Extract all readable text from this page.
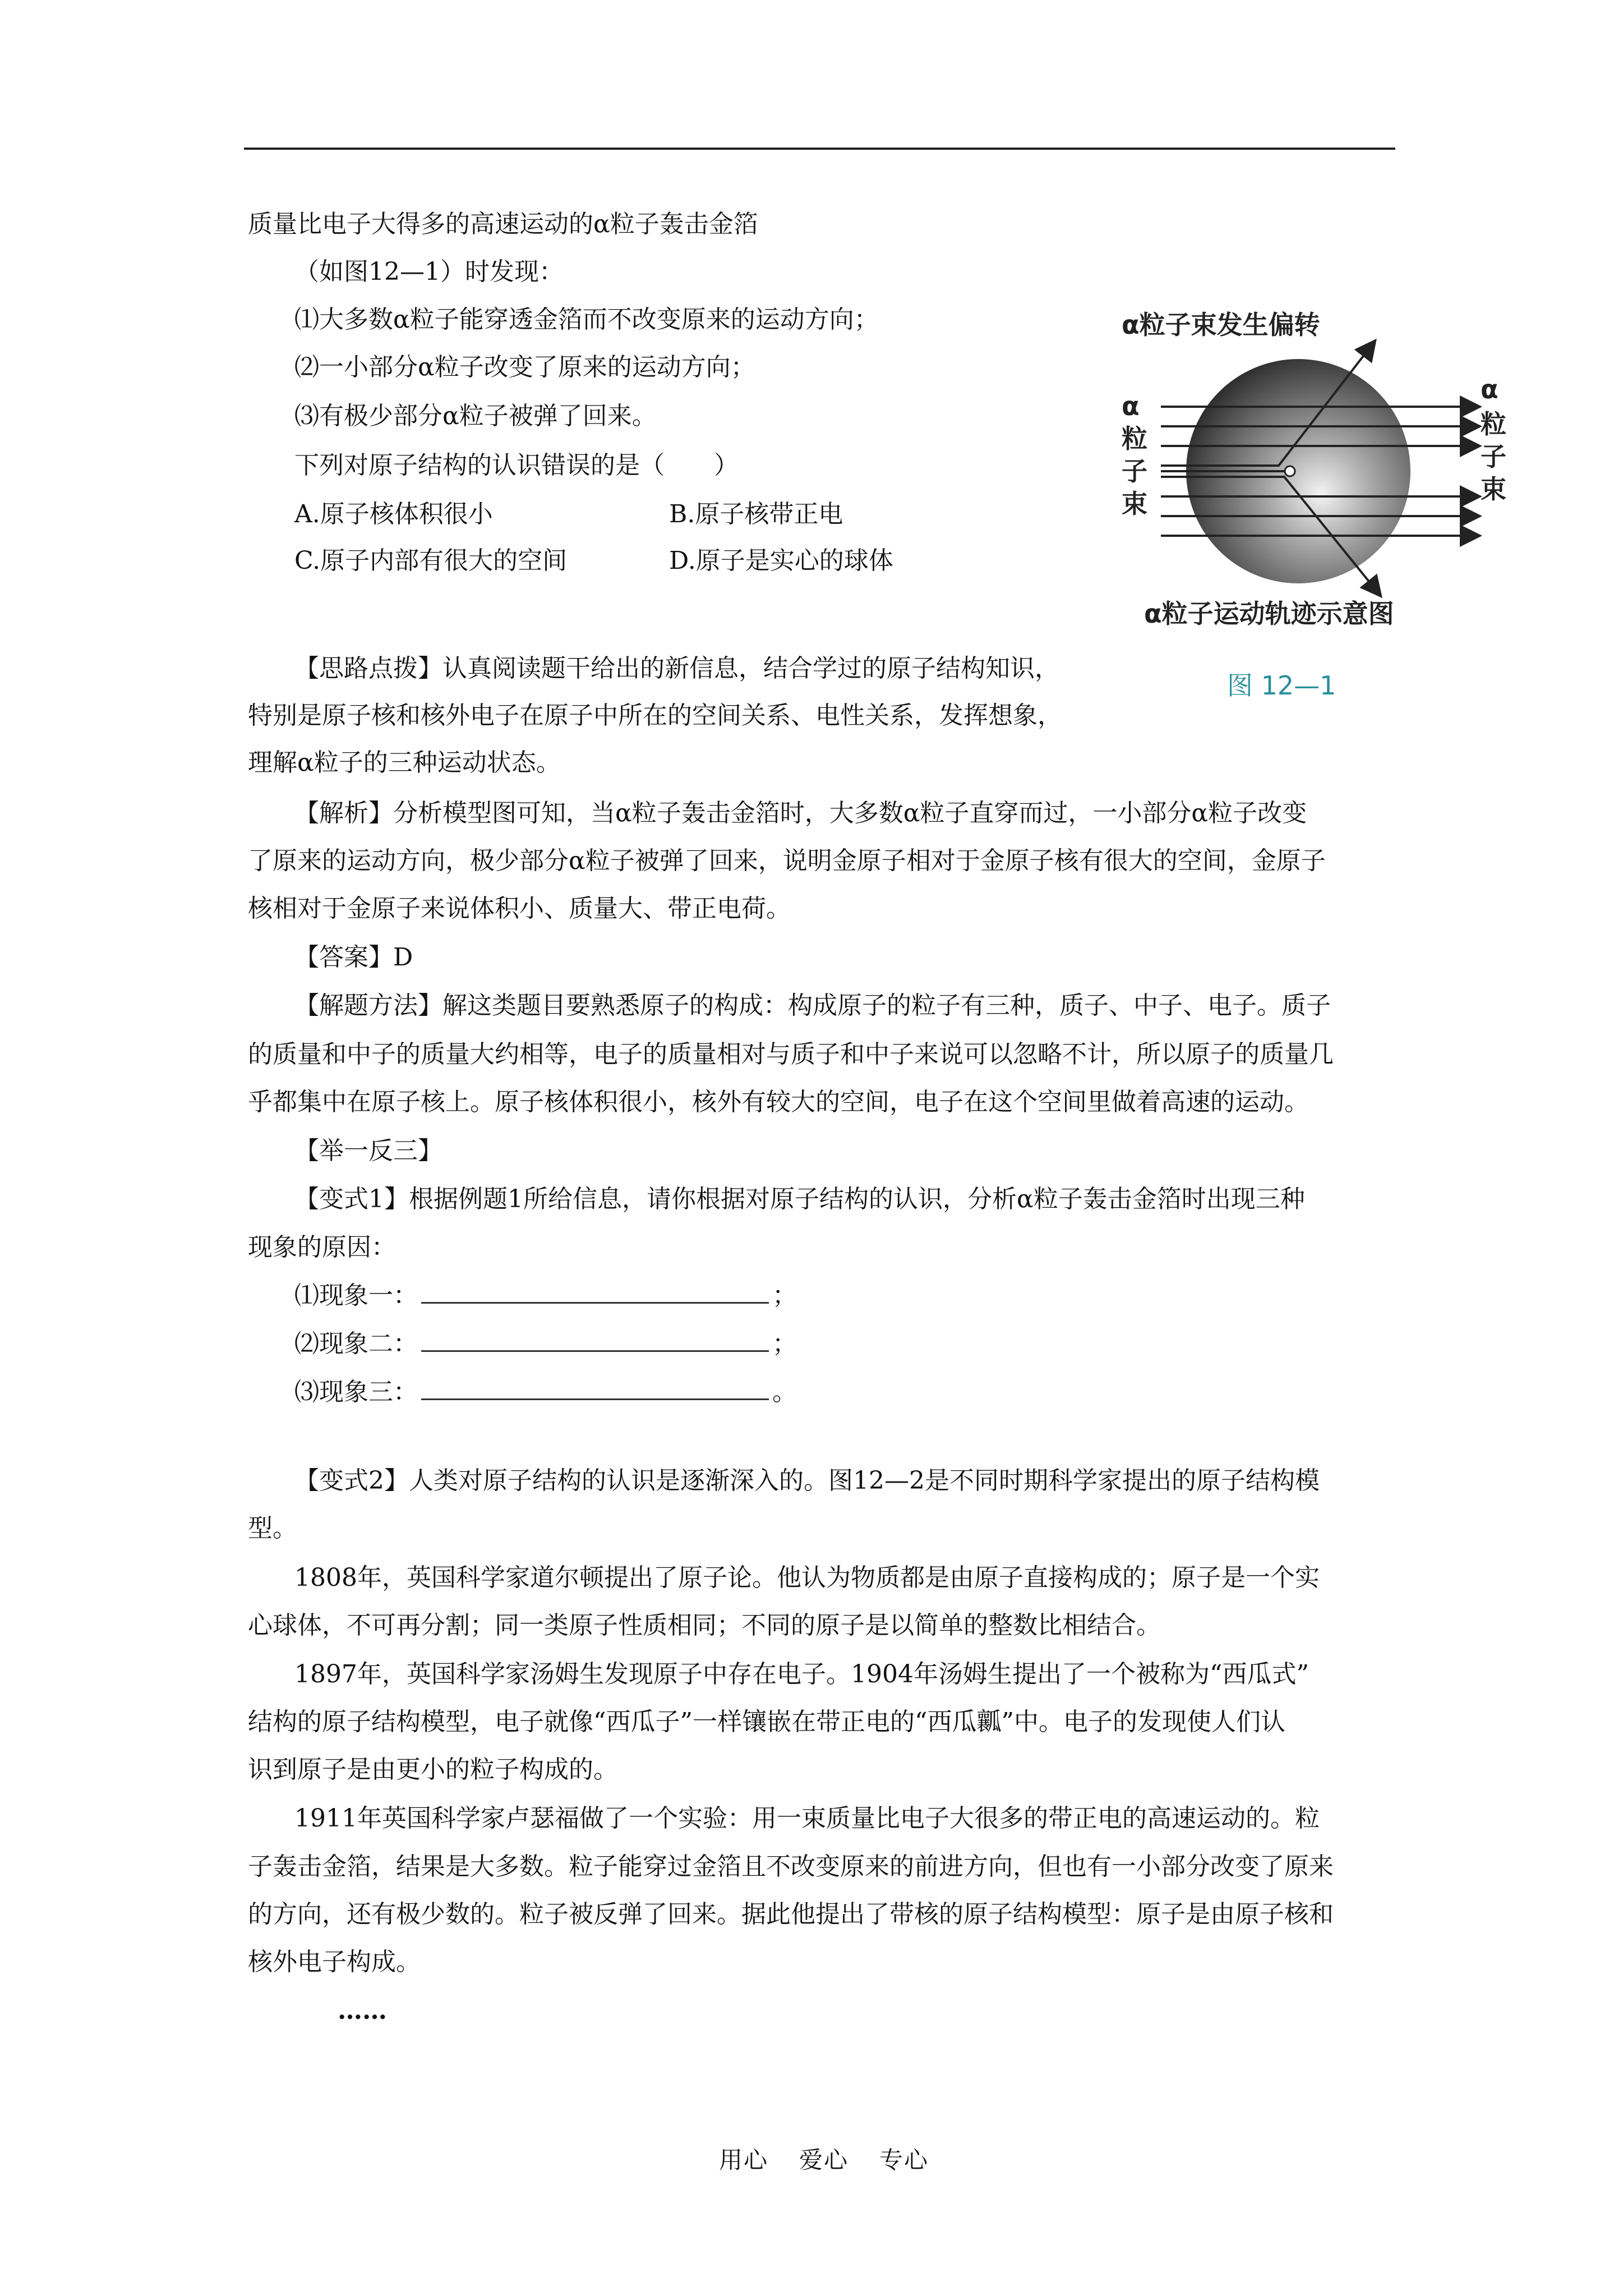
质量比电子大得多的高速运动的α粒子轰击金箔
（如图12—1）时发现：
⑴大多数α粒子能穿透金箔而不改变原来的运动方向；
⑵一小部分α粒子改变了原来的运动方向；
⑶有极少部分α粒子被弹了回来。
下列对原子结构的认识错误的是（　　）
A.原子核体积很小	B.原子核带正电
C.原子内部有很大的空间	D.原子是实心的球体
α粒子束发生偏转
α
粒
子
束
α
粒
子
束
α粒子运动轨迹示意图
图 12—1
【思路点拨】认真阅读题干给出的新信息，结合学过的原子结构知识，
特别是原子核和核外电子在原子中所在的空间关系、电性关系，发挥想象，
理解α粒子的三种运动状态。
【解析】分析模型图可知，当α粒子轰击金箔时，大多数α粒子直穿而过，一小部分α粒子改变
了原来的运动方向，极少部分α粒子被弹了回来，说明金原子相对于金原子核有很大的空间，金原子
核相对于金原子来说体积小、质量大、带正电荷。
【答案】D
【解题方法】解这类题目要熟悉原子的构成：构成原子的粒子有三种，质子、中子、电子。质子
的质量和中子的质量大约相等，电子的质量相对与质子和中子来说可以忽略不计，所以原子的质量几
乎都集中在原子核上。原子核体积很小，核外有较大的空间，电子在这个空间里做着高速的运动。
【举一反三】
【变式1】根据例题1所给信息，请你根据对原子结构的认识，分析α粒子轰击金箔时出现三种
现象的原因：
⑴现象一：	；
⑵现象二：	；
⑶现象三：	。
【变式2】人类对原子结构的认识是逐渐深入的。图12—2是不同时期科学家提出的原子结构模
型。
1808年，英国科学家道尔顿提出了原子论。他认为物质都是由原子直接构成的；原子是一个实
心球体，不可再分割；同一类原子性质相同；不同的原子是以简单的整数比相结合。
1897年，英国科学家汤姆生发现原子中存在电子。1904年汤姆生提出了一个被称为“西瓜式”
结构的原子结构模型，电子就像“西瓜子”一样镶嵌在带正电的“西瓜瓤”中。电子的发现使人们认
识到原子是由更小的粒子构成的。
1911年英国科学家卢瑟福做了一个实验：用一束质量比电子大很多的带正电的高速运动的。粒
子轰击金箔，结果是大多数。粒子能穿过金箔且不改变原来的前进方向，但也有一小部分改变了原来
的方向，还有极少数的。粒子被反弹了回来。据此他提出了带核的原子结构模型：原子是由原子核和
核外电子构成。
……
用心 爱心 专心
